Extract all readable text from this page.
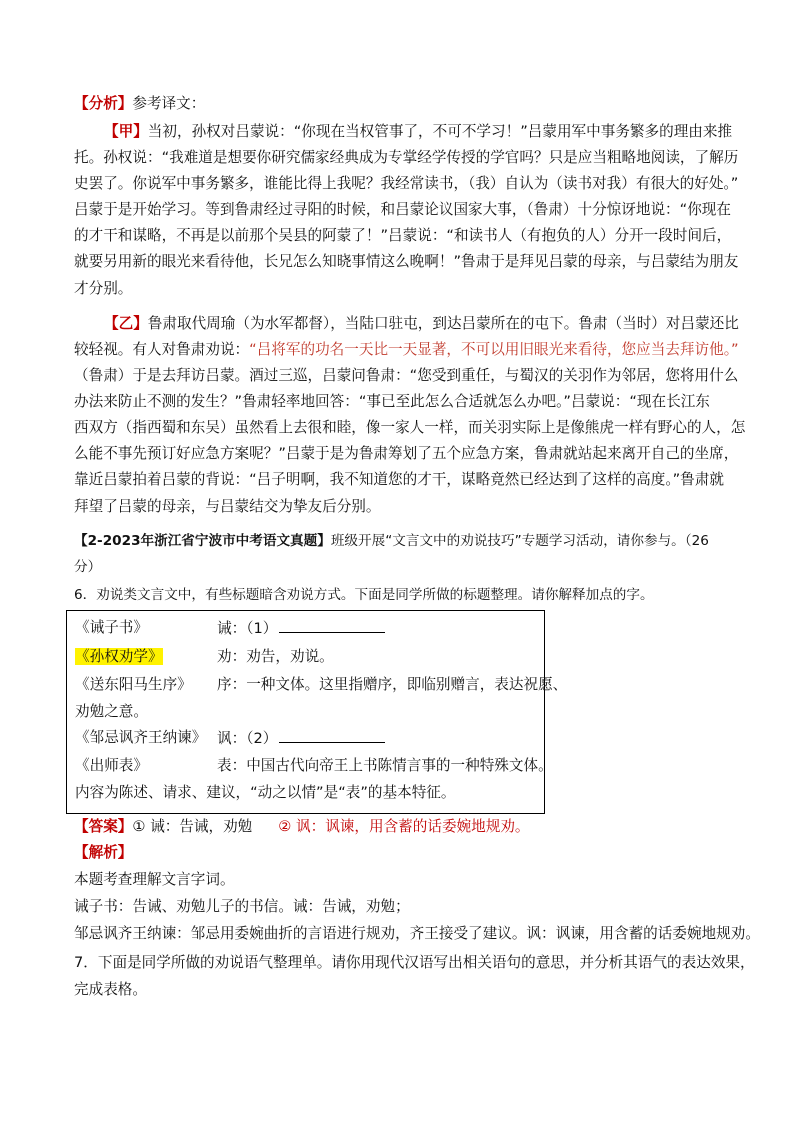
【分析】参考译文：
【甲】当初，孙权对吕蒙说：“你现在当权管事了，不可不学习！”吕蒙用军中事务繁多的理由来推
托。孙权说：“我难道是想要你研究儒家经典成为专掌经学传授的学官吗？只是应当粗略地阅读，了解历
史罢了。你说军中事务繁多，谁能比得上我呢？我经常读书，（我）自认为（读书对我）有很大的好处。”
吕蒙于是开始学习。等到鲁肃经过寻阳的时候，和吕蒙论议国家大事，（鲁肃）十分惊讶地说：“你现在
的才干和谋略，不再是以前那个吴县的阿蒙了！”吕蒙说：“和读书人（有抱负的人）分开一段时间后，
就要另用新的眼光来看待他，长兄怎么知晓事情这么晚啊！”鲁肃于是拜见吕蒙的母亲，与吕蒙结为朋友
才分别。
【乙】鲁肃取代周瑜（为水军都督），当陆口驻屯，到达吕蒙所在的屯下。鲁肃（当时）对吕蒙还比
较轻视。有人对鲁肃劝说：“吕将军的功名一天比一天显著，不可以用旧眼光来看待，您应当去拜访他。”
（鲁肃）于是去拜访吕蒙。酒过三巡，吕蒙问鲁肃：“您受到重任，与蜀汉的关羽作为邻居，您将用什么
办法来防止不测的发生？”鲁肃轻率地回答：“事已至此怎么合适就怎么办吧。”吕蒙说：“现在长江东
西双方（指西蜀和东吴）虽然看上去很和睦，像一家人一样，而关羽实际上是像熊虎一样有野心的人，怎
么能不事先预订好应急方案呢？”吕蒙于是为鲁肃筹划了五个应急方案，鲁肃就站起来离开自己的坐席，
靠近吕蒙拍着吕蒙的背说：“吕子明啊，我不知道您的才干，谋略竟然已经达到了这样的高度。”鲁肃就
拜望了吕蒙的母亲，与吕蒙结交为挚友后分别。
【2-2023年浙江省宁波市中考语文真题】班级开展“文言文中的劝说技巧”专题学习活动，请你参与。（26
分）
6．劝说类文言文中，有些标题暗含劝说方式。下面是同学所做的标题整理。请你解释加点的字。
《诫子书》	诫：（1）
《孙权劝学》	劝：劝告，劝说。
《送东阳马生序》 序：一种文体。这里指赠序，即临别赠言，表达祝愿、
劝勉之意。
《邹忌讽齐王纳谏》 讽：（2）
《出师表》	表：中国古代向帝王上书陈情言事的一种特殊文体。
内容为陈述、请求、建议，“动之以情”是“表”的基本特征。
【答案】① 诫：告诫，劝勉 ② 讽：讽谏，用含蓄的话委婉地规劝。
【解析】
本题考查理解文言字词。
诫子书：告诫、劝勉儿子的书信。诫：告诫，劝勉；
邹忌讽齐王纳谏：邹忌用委婉曲折的言语进行规劝，齐王接受了建议。讽：讽谏，用含蓄的话委婉地规劝。
7．下面是同学所做的劝说语气整理单。请你用现代汉语写出相关语句的意思，并分析其语气的表达效果，
完成表格。
